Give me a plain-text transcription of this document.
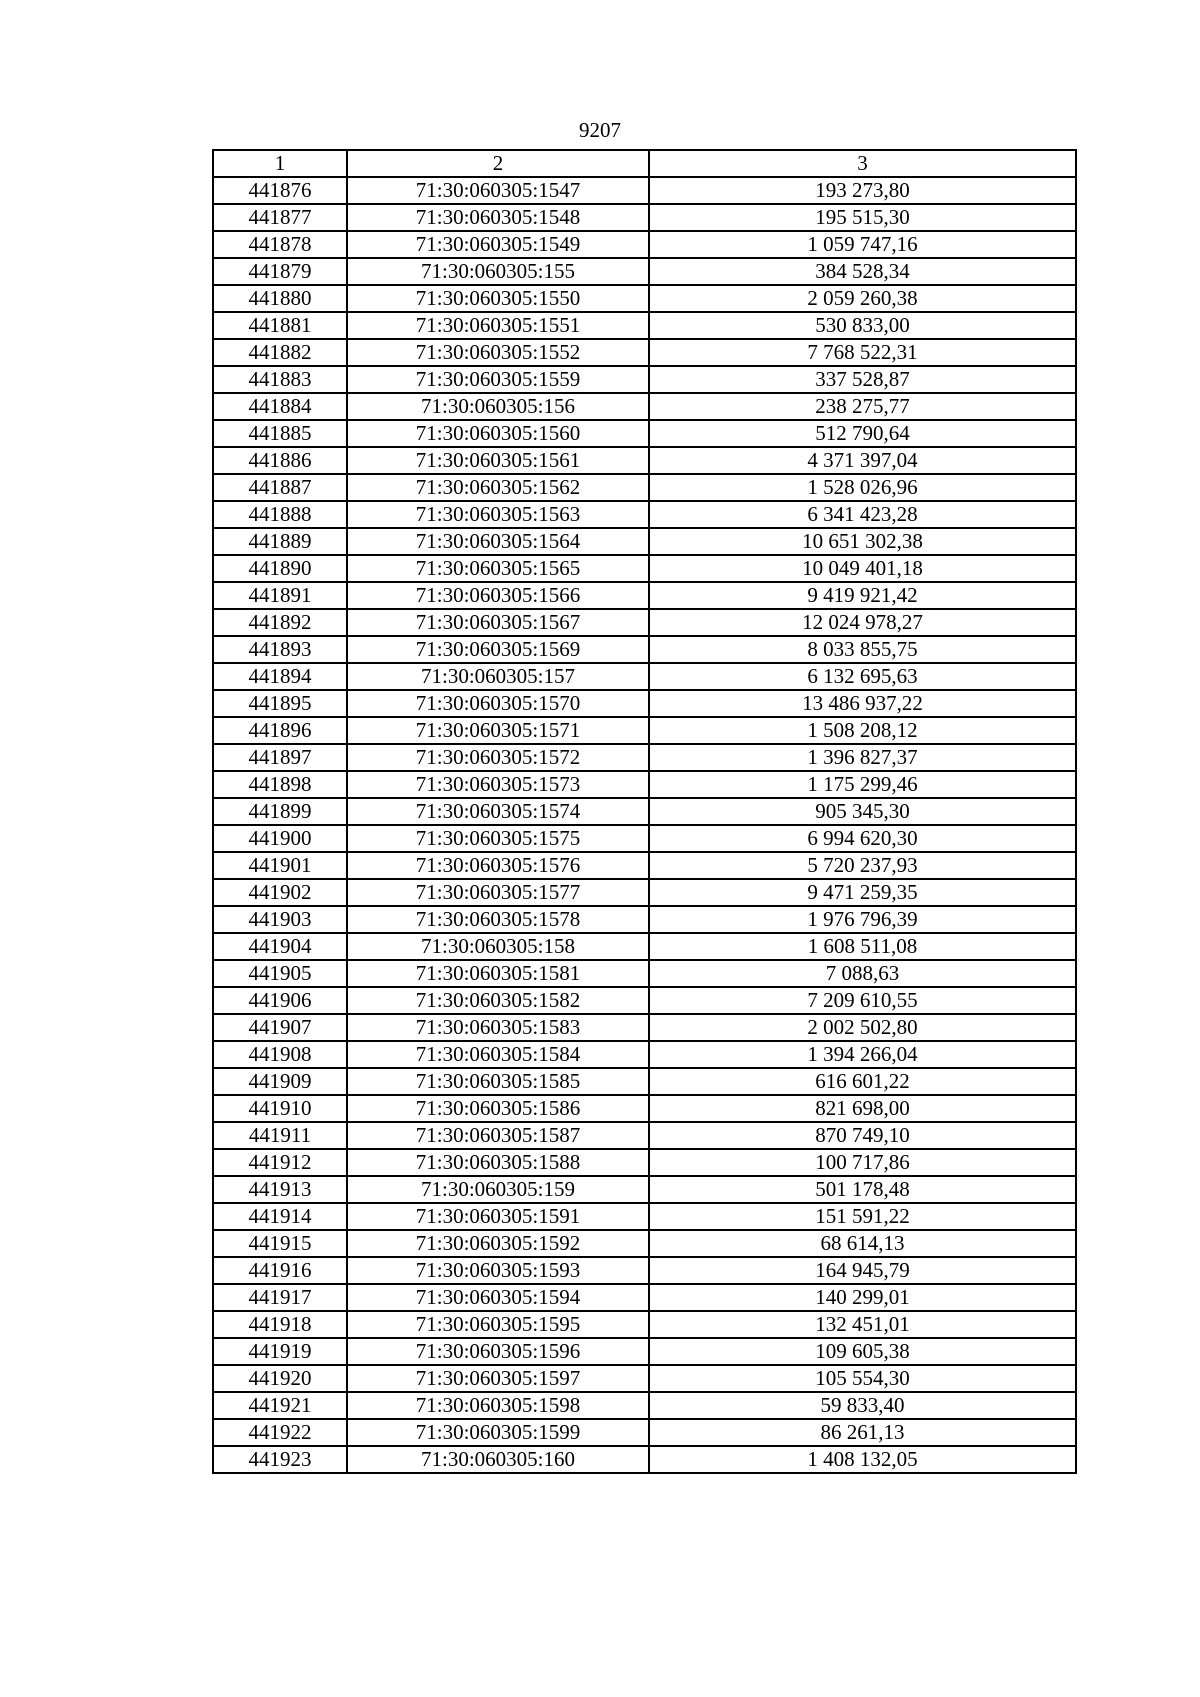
9207
1	2	3
441876	71:30:060305:1547	193 273,80
441877	71:30:060305:1548	195 515,30
441878	71:30:060305:1549	1 059 747,16
441879	71:30:060305:155	384 528,34
441880	71:30:060305:1550	2 059 260,38
441881	71:30:060305:1551	530 833,00
441882	71:30:060305:1552	7 768 522,31
441883	71:30:060305:1559	337 528,87
441884	71:30:060305:156	238 275,77
441885	71:30:060305:1560	512 790,64
441886	71:30:060305:1561	4 371 397,04
441887	71:30:060305:1562	1 528 026,96
441888	71:30:060305:1563	6 341 423,28
441889	71:30:060305:1564	10 651 302,38
441890	71:30:060305:1565	10 049 401,18
441891	71:30:060305:1566	9 419 921,42
441892	71:30:060305:1567	12 024 978,27
441893	71:30:060305:1569	8 033 855,75
441894	71:30:060305:157	6 132 695,63
441895	71:30:060305:1570	13 486 937,22
441896	71:30:060305:1571	1 508 208,12
441897	71:30:060305:1572	1 396 827,37
441898	71:30:060305:1573	1 175 299,46
441899	71:30:060305:1574	905 345,30
441900	71:30:060305:1575	6 994 620,30
441901	71:30:060305:1576	5 720 237,93
441902	71:30:060305:1577	9 471 259,35
441903	71:30:060305:1578	1 976 796,39
441904	71:30:060305:158	1 608 511,08
441905	71:30:060305:1581	7 088,63
441906	71:30:060305:1582	7 209 610,55
441907	71:30:060305:1583	2 002 502,80
441908	71:30:060305:1584	1 394 266,04
441909	71:30:060305:1585	616 601,22
441910	71:30:060305:1586	821 698,00
441911	71:30:060305:1587	870 749,10
441912	71:30:060305:1588	100 717,86
441913	71:30:060305:159	501 178,48
441914	71:30:060305:1591	151 591,22
441915	71:30:060305:1592	68 614,13
441916	71:30:060305:1593	164 945,79
441917	71:30:060305:1594	140 299,01
441918	71:30:060305:1595	132 451,01
441919	71:30:060305:1596	109 605,38
441920	71:30:060305:1597	105 554,30
441921	71:30:060305:1598	59 833,40
441922	71:30:060305:1599	86 261,13
441923	71:30:060305:160	1 408 132,05
